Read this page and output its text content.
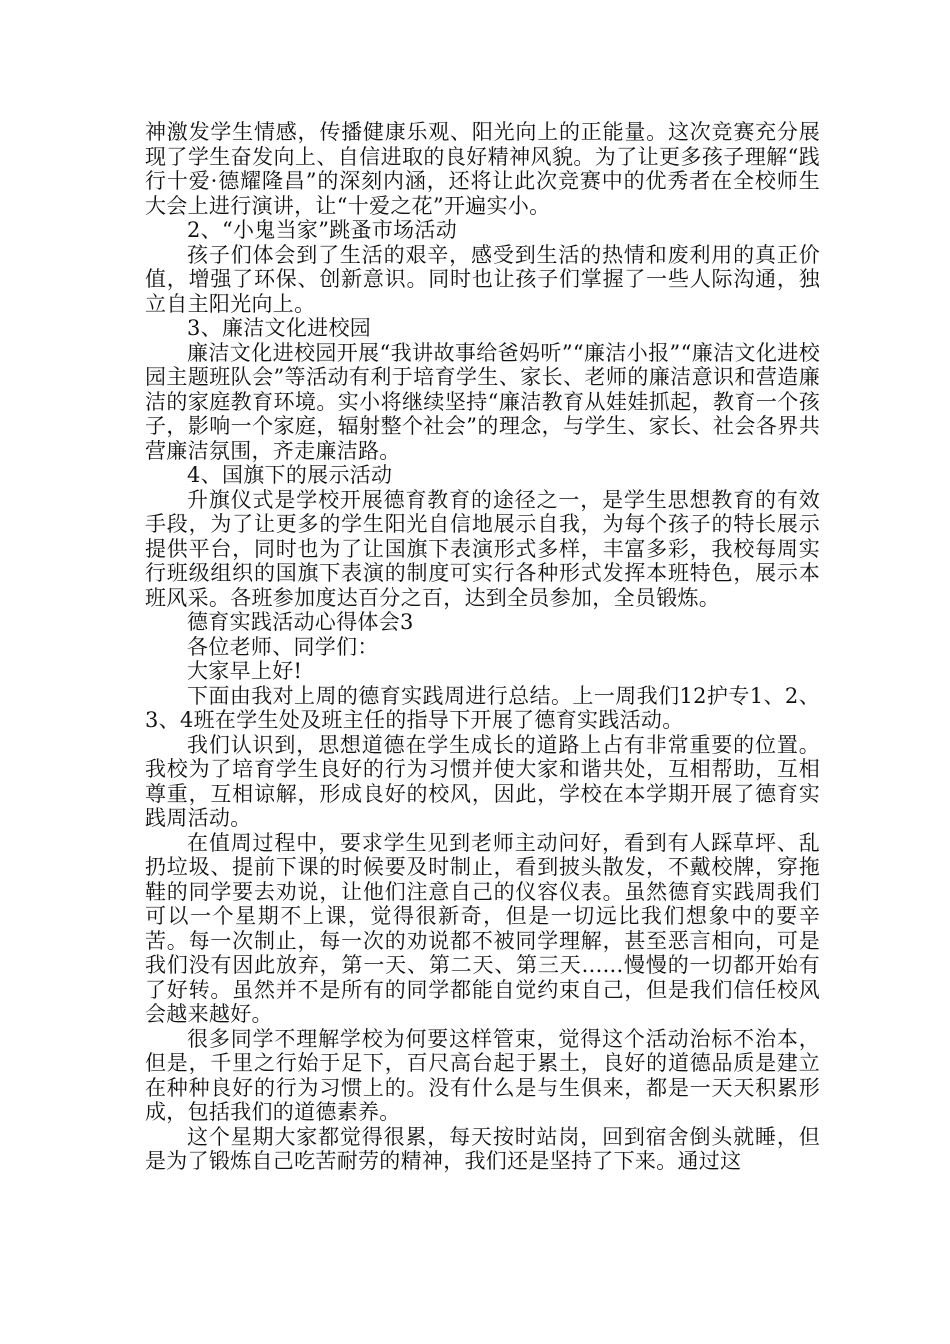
神激发学生情感，传播健康乐观、阳光向上的正能量。这次竞赛充分展现了学生奋发向上、自信进取的良好精神风貌。为了让更多孩子理解“践行十爱·德耀隆昌”的深刻内涵，还将让此次竞赛中的优秀者在全校师生大会上进行演讲，让“十爱之花”开遍实小。

2、“小鬼当家”跳蚤市场活动

孩子们体会到了生活的艰辛，感受到生活的热情和废利用的真正价值，增强了环保、创新意识。同时也让孩子们掌握了一些人际沟通，独立自主阳光向上。

3、廉洁文化进校园

廉洁文化进校园开展“我讲故事给爸妈听”“廉洁小报”“廉洁文化进校园主题班队会”等活动有利于培育学生、家长、老师的廉洁意识和营造廉洁的家庭教育环境。实小将继续坚持“廉洁教育从娃娃抓起，教育一个孩子，影响一个家庭，辐射整个社会”的理念，与学生、家长、社会各界共营廉洁氛围，齐走廉洁路。

4、国旗下的展示活动

升旗仪式是学校开展德育教育的途径之一，是学生思想教育的有效手段，为了让更多的学生阳光自信地展示自我，为每个孩子的特长展示提供平台，同时也为了让国旗下表演形式多样，丰富多彩，我校每周实行班级组织的国旗下表演的制度可实行各种形式发挥本班特色，展示本班风采。各班参加度达百分之百，达到全员参加，全员锻炼。

德育实践活动心得体会3

各位老师、同学们：

大家早上好!

下面由我对上周的德育实践周进行总结。上一周我们12护专1、2、3、4班在学生处及班主任的指导下开展了德育实践活动。

我们认识到，思想道德在学生成长的道路上占有非常重要的位置。我校为了培育学生良好的行为习惯并使大家和谐共处，互相帮助，互相尊重，互相谅解，形成良好的校风，因此，学校在本学期开展了德育实践周活动。

在值周过程中，要求学生见到老师主动问好，看到有人踩草坪、乱扔垃圾、提前下课的时候要及时制止，看到披头散发，不戴校牌，穿拖鞋的同学要去劝说，让他们注意自己的仪容仪表。虽然德育实践周我们可以一个星期不上课，觉得很新奇，但是一切远比我们想象中的要辛苦。每一次制止，每一次的劝说都不被同学理解，甚至恶言相向，可是我们没有因此放弃，第一天、第二天、第三天......慢慢的一切都开始有了好转。虽然并不是所有的同学都能自觉约束自己，但是我们信任校风会越来越好。

很多同学不理解学校为何要这样管束，觉得这个活动治标不治本，但是，千里之行始于足下，百尺高台起于累土，良好的道德品质是建立在种种良好的行为习惯上的。没有什么是与生俱来，都是一天天积累形成，包括我们的道德素养。

这个星期大家都觉得很累，每天按时站岗，回到宿舍倒头就睡，但是为了锻炼自己吃苦耐劳的精神，我们还是坚持了下来。通过这
